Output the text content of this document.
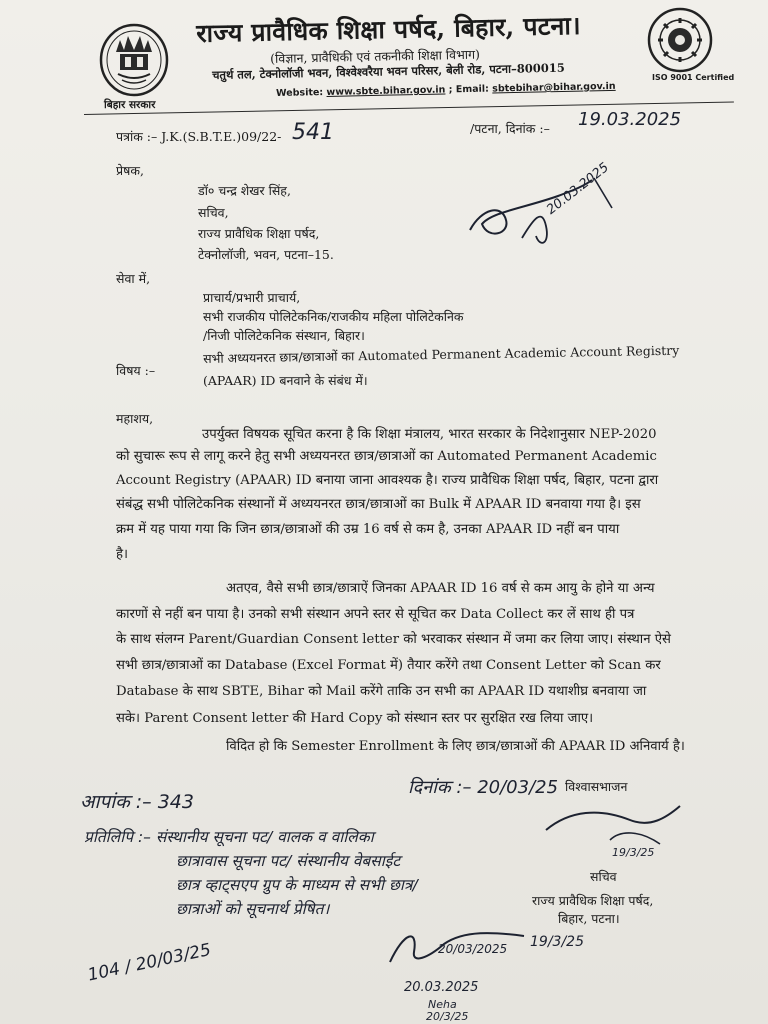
बिहार सरकार
राज्य प्रावैधिक शिक्षा पर्षद, बिहार, पटना।
(विज्ञान, प्रावैधिकी एवं तकनीकी शिक्षा विभाग)
चतुर्थ तल, टेक्नोलॉजी भवन, विश्वेश्वरैया भवन परिसर, बेली रोड, पटना–800015
Website: www.sbte.bihar.gov.in ; Email: sbtebihar@bihar.gov.in
ISO 9001 Certified
पत्रांक :– J.K.(S.B.T.E.)09/22- 541	/पटना, दिनांक :– 19.03.2025
प्रेषक,
डॉ० चन्द्र शेखर सिंह,
सचिव,
राज्य प्रावैधिक शिक्षा पर्षद,
टेक्नोलॉजी, भवन, पटना–15.
20.03.2025
सेवा में,
प्राचार्य/प्रभारी प्राचार्य,
सभी राजकीय पोलिटेकनिक/राजकीय महिला पोलिटेकनिक
/निजी पोलिटेकनिक संस्थान, बिहार।
विषय :–
सभी अध्ययनरत छात्र/छात्राओं का Automated Permanent Academic Account Registry
(APAAR) ID बनवाने के संबंध में।
महाशय,
उपर्युक्त विषयक सूचित करना है कि शिक्षा मंत्रालय, भारत सरकार के निदेशानुसार NEP-2020
को सुचारू रूप से लागू करने हेतु सभी अध्ययनरत छात्र/छात्राओं का Automated Permanent Academic
Account Registry (APAAR) ID बनाया जाना आवश्यक है। राज्य प्रावैधिक शिक्षा पर्षद, बिहार, पटना द्वारा
संबंद्ध सभी पोलिटेकनिक संस्थानों में अध्ययनरत छात्र/छात्राओं का Bulk में APAAR ID बनवाया गया है। इस
क्रम में यह पाया गया कि जिन छात्र/छात्राओं की उम्र 16 वर्ष से कम है, उनका APAAR ID नहीं बन पाया
है।
अतएव, वैसे सभी छात्र/छात्राऐं जिनका APAAR ID 16 वर्ष से कम आयु के होने या अन्य
कारणों से नहीं बन पाया है। उनको सभी संस्थान अपने स्तर से सूचित कर Data Collect कर लें साथ ही पत्र
के साथ संलग्न Parent/Guardian Consent letter को भरवाकर संस्थान में जमा कर लिया जाए। संस्थान ऐसे
सभी छात्र/छात्राओं का Database (Excel Format में) तैयार करेंगे तथा Consent Letter को Scan कर
Database के साथ SBTE, Bihar को Mail करेंगे ताकि उन सभी का APAAR ID यथाशीघ्र बनवाया जा
सके। Parent Consent letter की Hard Copy को संस्थान स्तर पर सुरक्षित रख लिया जाए।
विदित हो कि Semester Enrollment के लिए छात्र/छात्राओं की APAAR ID अनिवार्य है।
आपांक :– 343
दिनांक :– 20/03/25 विश्वासभाजन
सचिव
राज्य प्रावैधिक शिक्षा पर्षद,
बिहार, पटना।
19/3/25
प्रतिलिपि :– संस्थानीय सूचना पट/ वालक व वालिका
छात्रावास सूचना पट/ संस्थानीय वेबसाईट
छात्र व्हाट्सएप ग्रुप के माध्यम से सभी छात्र/
छात्राओं को सूचनार्थ प्रेषित।
104 / 20/03/25	20/03/2025 19/3/25
20.03.2025
Neha
20/3/25
